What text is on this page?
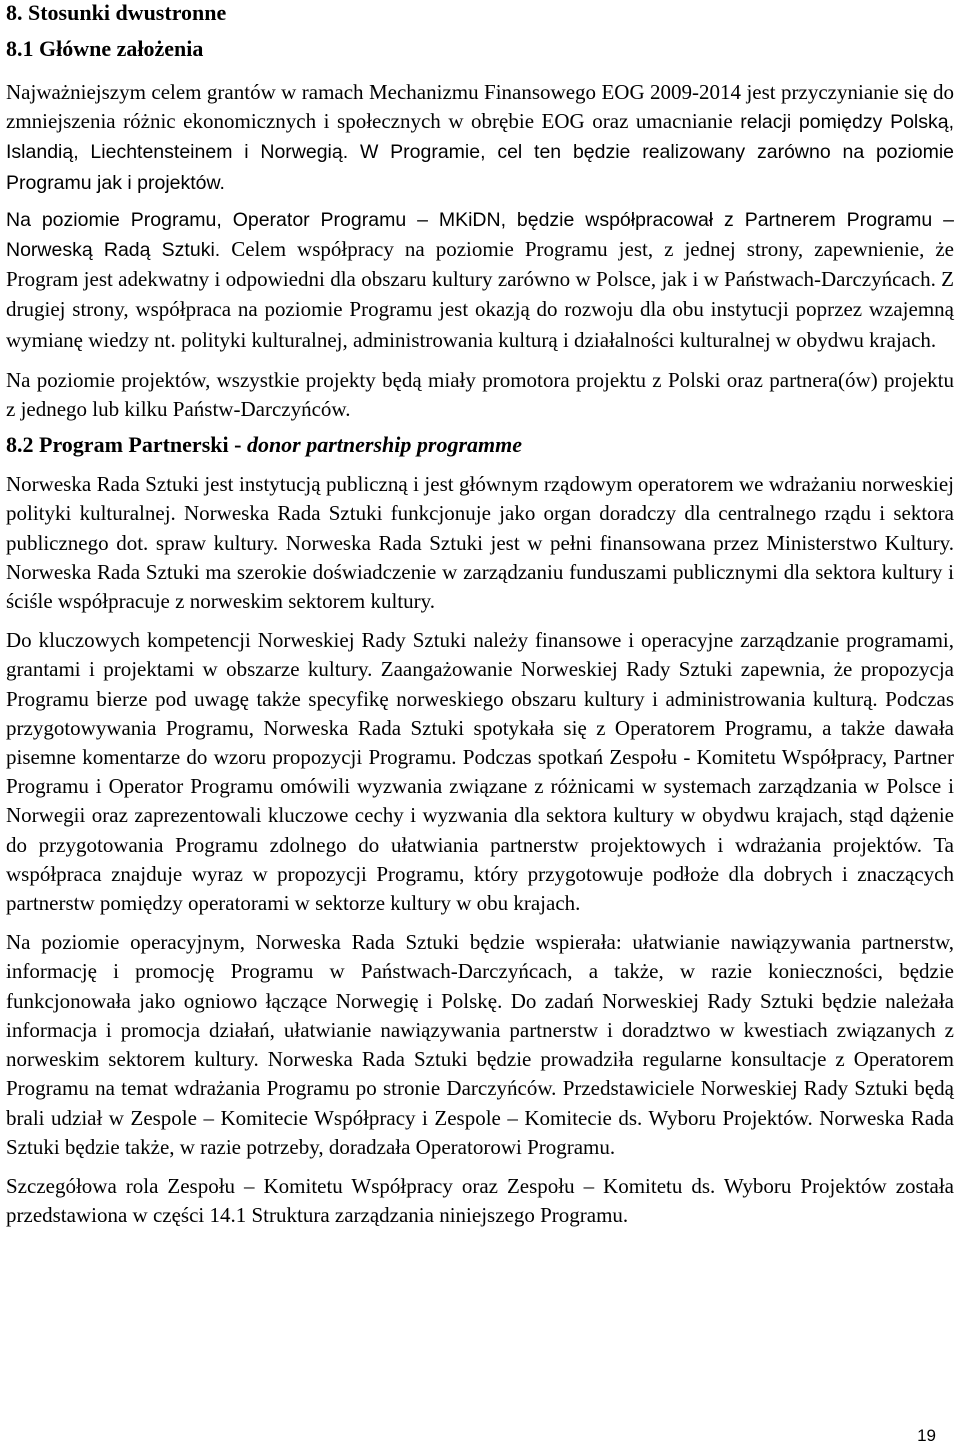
8. Stosunki dwustronne
8.1 Główne założenia

Najważniejszym celem grantów w ramach Mechanizmu Finansowego EOG 2009-2014 jest przyczynianie się do zmniejszenia różnic ekonomicznych i społecznych w obrębie EOG oraz umacnianie relacji pomiędzy Polską, Islandią, Liechtensteinem i Norwegią. W Programie, cel ten będzie realizowany zarówno na poziomie Programu jak i projektów.

Na poziomie Programu, Operator Programu – MKiDN, będzie współpracował z Partnerem Programu – Norweską Radą Sztuki. Celem współpracy na poziomie Programu jest, z jednej strony, zapewnienie, że Program jest adekwatny i odpowiedni dla obszaru kultury zarówno w Polsce, jak i w Państwach-Darczyńcach. Z drugiej strony, współpraca na poziomie Programu jest okazją do rozwoju dla obu instytucji poprzez wzajemną wymianę wiedzy nt. polityki kulturalnej, administrowania kulturą i działalności kulturalnej w obydwu krajach.

Na poziomie projektów, wszystkie projekty będą miały promotora projektu z Polski oraz partnera(ów) projektu z jednego lub kilku Państw-Darczyńców.

8.2 Program Partnerski - donor partnership programme

Norweska Rada Sztuki jest instytucją publiczną i jest głównym rządowym operatorem we wdrażaniu norweskiej polityki kulturalnej. Norweska Rada Sztuki funkcjonuje jako organ doradczy dla centralnego rządu i sektora publicznego dot. spraw kultury. Norweska Rada Sztuki jest w pełni finansowana przez Ministerstwo Kultury. Norweska Rada Sztuki ma szerokie doświadczenie w zarządzaniu funduszami publicznymi dla sektora kultury i ściśle współpracuje z norweskim sektorem kultury.

Do kluczowych kompetencji Norweskiej Rady Sztuki należy finansowe i operacyjne zarządzanie programami, grantami i projektami w obszarze kultury. Zaangażowanie Norweskiej Rady Sztuki zapewnia, że propozycja Programu bierze pod uwagę także specyfikę norweskiego obszaru kultury i administrowania kulturą. Podczas przygotowywania Programu, Norweska Rada Sztuki spotykała się z Operatorem Programu, a także dawała pisemne komentarze do wzoru propozycji Programu. Podczas spotkań Zespołu - Komitetu Współpracy, Partner Programu i Operator Programu omówili wyzwania związane z różnicami w systemach zarządzania w Polsce i Norwegii oraz zaprezentowali kluczowe cechy i wyzwania dla sektora kultury w obydwu krajach, stąd dążenie do przygotowania Programu zdolnego do ułatwiania partnerstw projektowych i wdrażania projektów. Ta współpraca znajduje wyraz w propozycji Programu, który przygotowuje podłoże dla dobrych i znaczących partnerstw pomiędzy operatorami w sektorze kultury w obu krajach.

Na poziomie operacyjnym, Norweska Rada Sztuki będzie wspierała: ułatwianie nawiązywania partnerstw, informację i promocję Programu w Państwach-Darczyńcach, a także, w razie konieczności, będzie funkcjonowała jako ogniowo łączące Norwegię i Polskę. Do zadań Norweskiej Rady Sztuki będzie należała informacja i promocja działań, ułatwianie nawiązywania partnerstw i doradztwo w kwestiach związanych z norweskim sektorem kultury. Norweska Rada Sztuki będzie prowadziła regularne konsultacje z Operatorem Programu na temat wdrażania Programu po stronie Darczyńców. Przedstawiciele Norweskiej Rady Sztuki będą brali udział w Zespole – Komitecie Współpracy i Zespole – Komitecie ds. Wyboru Projektów. Norweska Rada Sztuki będzie także, w razie potrzeby, doradzała Operatorowi Programu.

Szczegółowa rola Zespołu – Komitetu Współpracy oraz Zespołu – Komitetu ds. Wyboru Projektów została przedstawiona w części 14.1 Struktura zarządzania niniejszego Programu.

19
